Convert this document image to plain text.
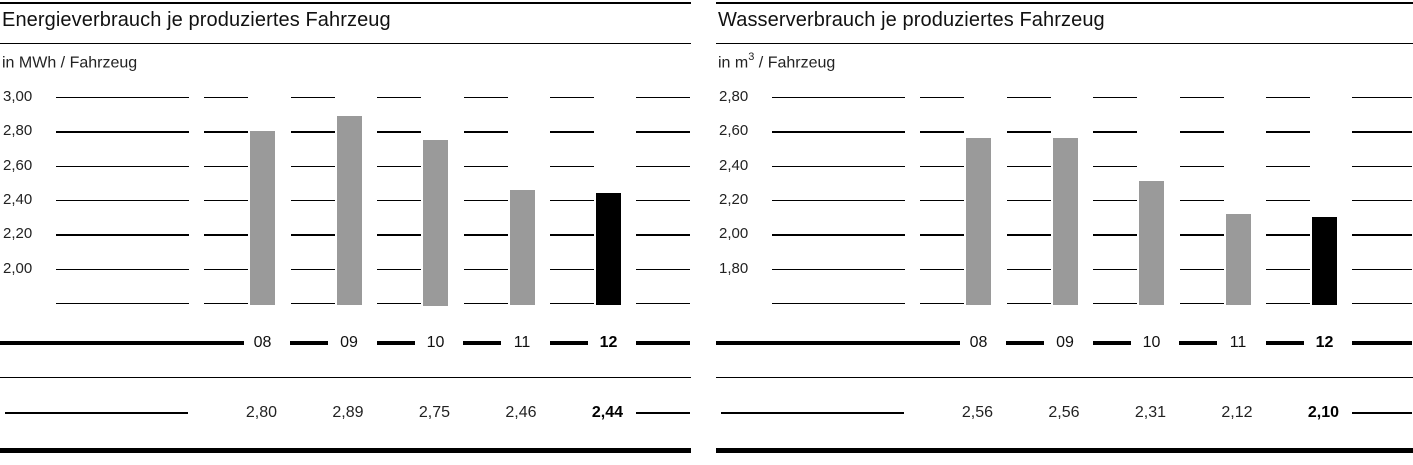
Energieverbrauch je produziertes Fahrzeug
in MWh / Fahrzeug
3,00
2,80
2,60
2,40
2,20
2,00
08	09	10	11	12
2,80	2,89	2,75	2,46	2,44
Wasserverbrauch je produziertes Fahrzeug
in $m^3$ / Fahrzeug
2,80
2,60
2,40
2,20
2,00
1,80
08	09	10	11	12
2,56	2,56	2,31	2,12	2,10
